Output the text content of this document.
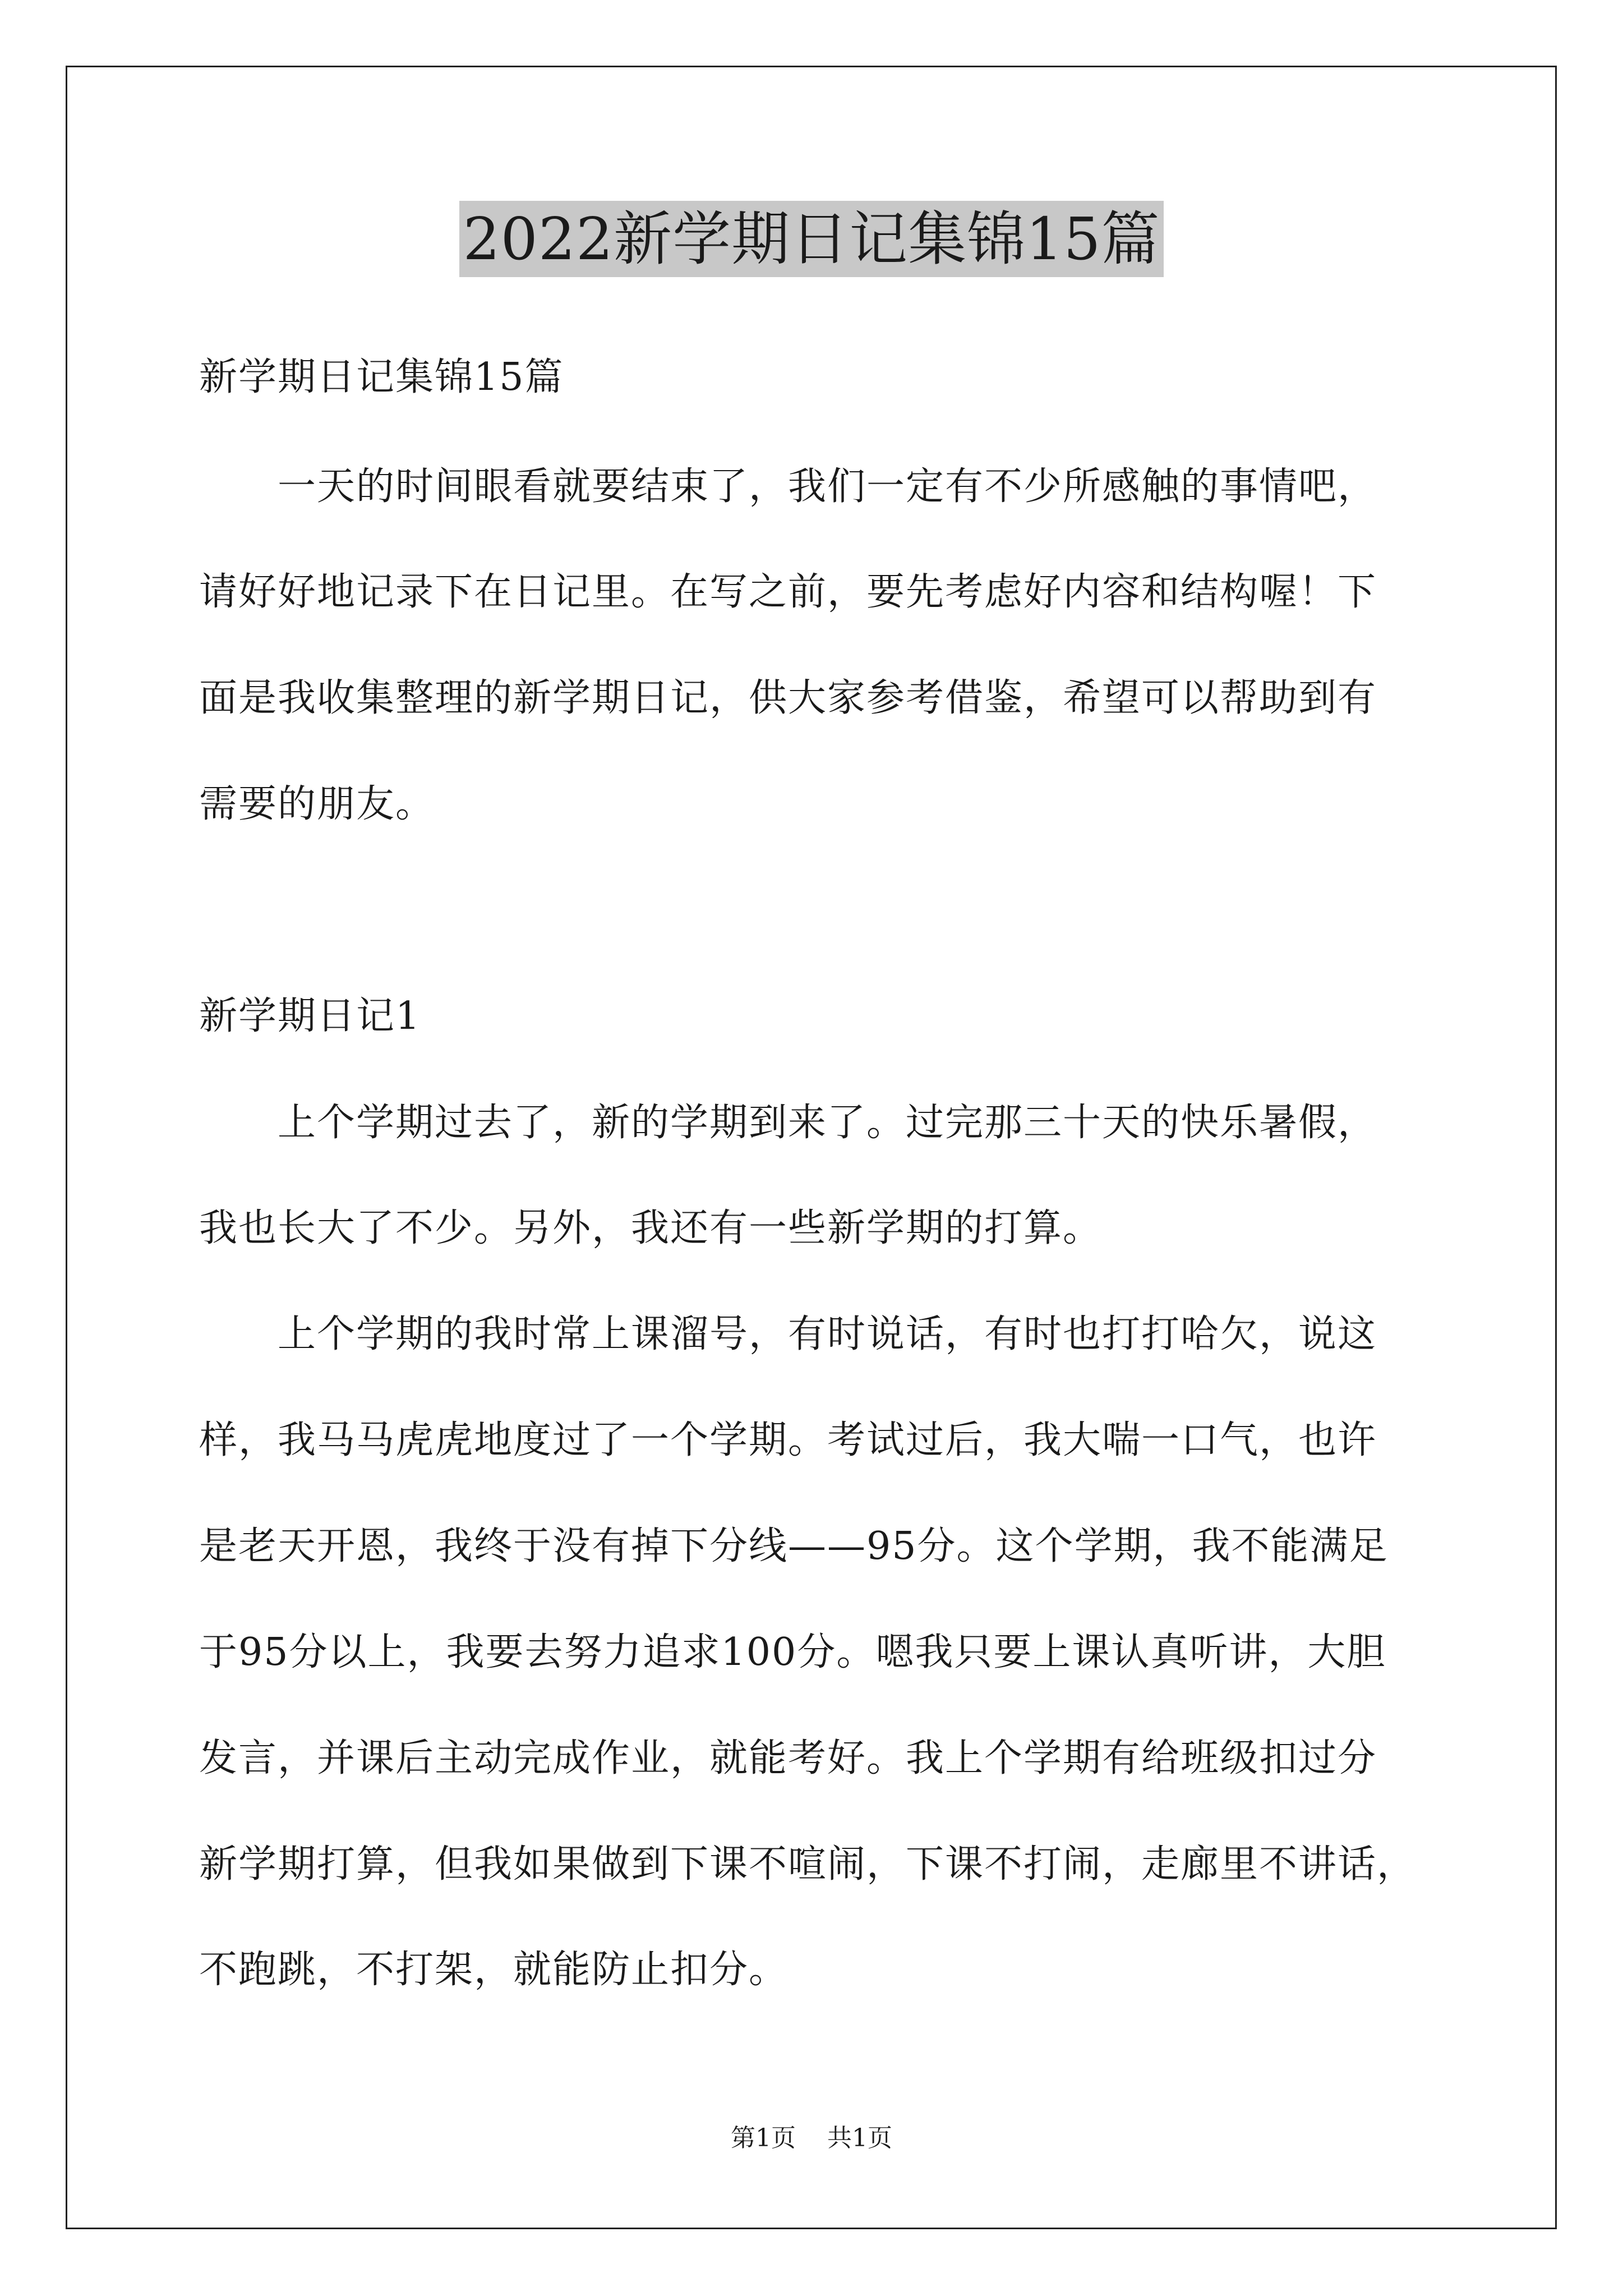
2022新学期日记集锦15篇
新学期日记集锦15篇
一天的时间眼看就要结束了，我们一定有不少所感触的事情吧，
请好好地记录下在日记里。在写之前，要先考虑好内容和结构喔！下
面是我收集整理的新学期日记，供大家参考借鉴，希望可以帮助到有
需要的朋友。
新学期日记1
上个学期过去了，新的学期到来了。过完那三十天的快乐暑假，
我也长大了不少。另外，我还有一些新学期的打算。
上个学期的我时常上课溜号，有时说话，有时也打打哈欠，说这
样，我马马虎虎地度过了一个学期。考试过后，我大喘一口气，也许
是老天开恩，我终于没有掉下分线——95分。这个学期，我不能满足
于95分以上，我要去努力追求100分。嗯我只要上课认真听讲，大胆
发言，并课后主动完成作业，就能考好。我上个学期有给班级扣过分
新学期打算，但我如果做到下课不喧闹，下课不打闹，走廊里不讲话，
不跑跳，不打架，就能防止扣分。
第1页 共1页
